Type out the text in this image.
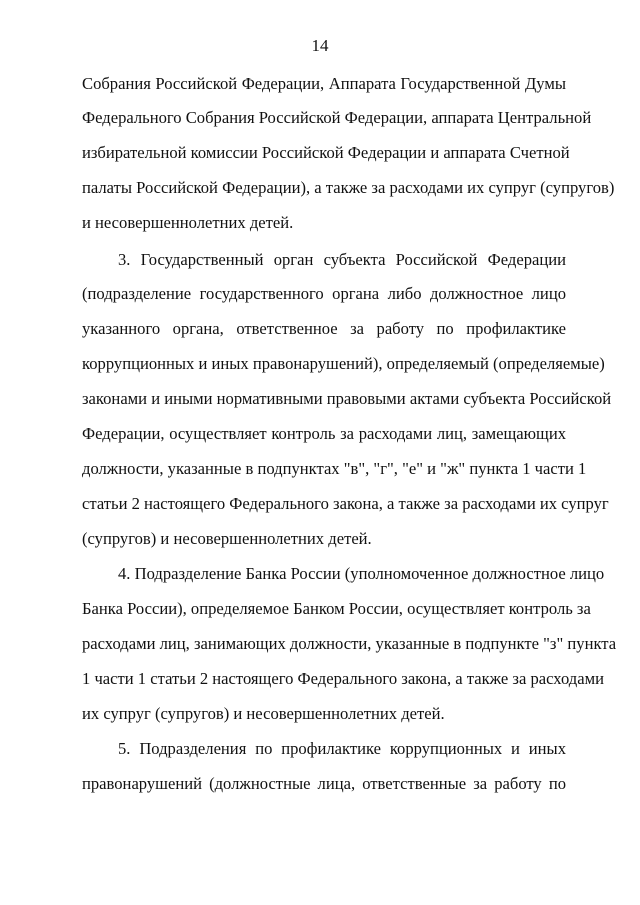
14
Собрания Российской Федерации, Аппарата Государственной Думы
Федерального Собрания Российской Федерации, аппарата Центральной
избирательной комиссии Российской Федерации и аппарата Счетной
палаты Российской Федерации), а также за расходами их супруг (супругов)
и несовершеннолетних детей.
3. Государственный орган субъекта Российской Федерации
(подразделение государственного органа либо должностное лицо
указанного органа, ответственное за работу по профилактике
коррупционных и иных правонарушений), определяемый (определяемые)
законами и иными нормативными правовыми актами субъекта Российской
Федерации, осуществляет контроль за расходами лиц, замещающих
должности, указанные в подпунктах "в", "г", "е" и "ж" пункта 1 части 1
статьи 2 настоящего Федерального закона, а также за расходами их супруг
(супругов) и несовершеннолетних детей.
4. Подразделение Банка России (уполномоченное должностное лицо
Банка России), определяемое Банком России, осуществляет контроль за
расходами лиц, занимающих должности, указанные в подпункте "з" пункта
1 части 1 статьи 2 настоящего Федерального закона, а также за расходами
их супруг (супругов) и несовершеннолетних детей.
5. Подразделения по профилактике коррупционных и иных
правонарушений (должностные лица, ответственные за работу по
